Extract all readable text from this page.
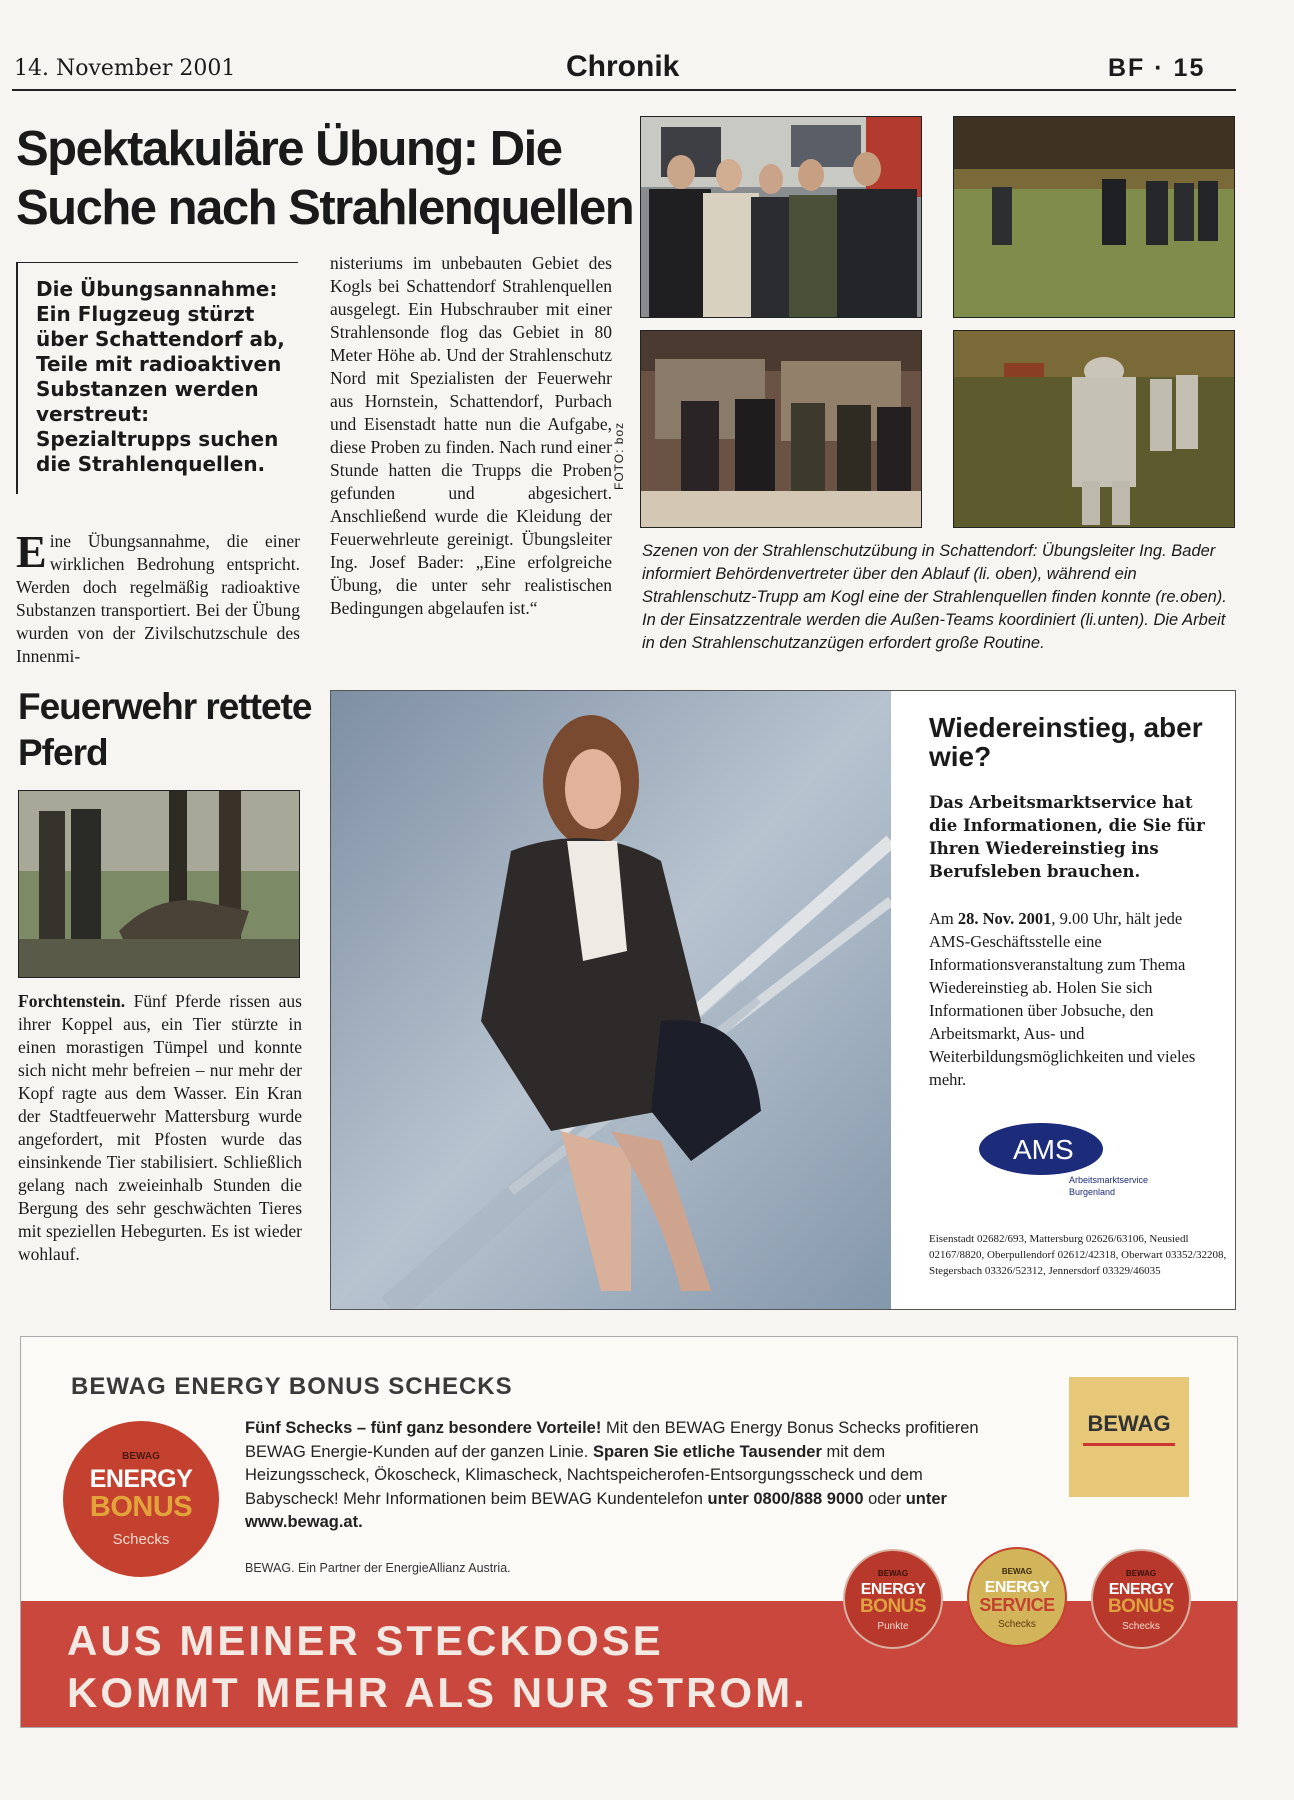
14. November 2001	Chronik	BF · 15
Spektakuläre Übung: Die Suche nach Strahlenquellen
Die Übungsannahme: Ein Flugzeug stürzt über Schattendorf ab, Teile mit radioaktiven Substanzen werden verstreut: Spezialtrupps suchen die Strahlenquellen.
Eine Übungsannahme, die einer wirklichen Bedrohung entspricht. Werden doch regelmäßig radioaktive Substanzen transportiert. Bei der Übung wurden von der Zivilschutzschule des Innenmi-
nisteriums im unbebauten Gebiet des Kogls bei Schattendorf Strahlenquellen ausgelegt. Ein Hubschrauber mit einer Strahlensonde flog das Gebiet in 80 Meter Höhe ab. Und der Strahlenschutz Nord mit Spezialisten der Feuerwehr aus Hornstein, Schattendorf, Purbach und Eisenstadt hatte nun die Aufgabe, diese Proben zu finden. Nach rund einer Stunde hatten die Trupps die Proben gefunden und abgesichert. Anschließend wurde die Kleidung der Feuerwehrleute gereinigt. Übungsleiter Ing. Josef Bader: „Eine erfolgreiche Übung, die unter sehr realistischen Bedingungen abgelaufen ist.“
FOTO: boz
Szenen von der Strahlenschutzübung in Schattendorf: Übungsleiter Ing. Bader informiert Behördenvertreter über den Ablauf (li. oben), während ein Strahlenschutz-Trupp am Kogl eine der Strahlenquellen finden konnte (re.oben). In der Einsatzzentrale werden die Außen-Teams koordiniert (li.unten). Die Arbeit in den Strahlenschutzanzügen erfordert große Routine.
Feuerwehr rettete Pferd
Forchtenstein. Fünf Pferde rissen aus ihrer Koppel aus, ein Tier stürzte in einen morastigen Tümpel und konnte sich nicht mehr befreien – nur mehr der Kopf ragte aus dem Wasser. Ein Kran der Stadtfeuerwehr Mattersburg wurde angefordert, mit Pfosten wurde das einsinkende Tier stabilisiert. Schließlich gelang nach zweieinhalb Stunden die Bergung des sehr geschwächten Tieres mit speziellen Hebegurten. Es ist wieder wohlauf.
Wiedereinstieg, aber wie?
Das Arbeitsmarktservice hat die Informationen, die Sie für Ihren Wiedereinstieg ins Berufsleben brauchen.
Am 28. Nov. 2001, 9.00 Uhr, hält jede AMS-Geschäftsstelle eine Informationsveranstaltung zum Thema Wiedereinstieg ab. Holen Sie sich Informationen über Jobsuche, den Arbeitsmarkt, Aus- und Weiterbildungsmöglichkeiten und vieles mehr.
AMS
Arbeitsmarktservice
Burgenland
Eisenstadt 02682/693, Mattersburg 02626/63106, Neusiedl 02167/8820, Oberpullendorf 02612/42318, Oberwart 03352/32208, Stegersbach 03326/52312, Jennersdorf 03329/46035
BEWAG ENERGY BONUS SCHECKS
BEWAG
ENERGY
BONUS
Schecks
Fünf Schecks – fünf ganz besondere Vorteile! Mit den BEWAG Energy Bonus Schecks profitieren BEWAG Energie-Kunden auf der ganzen Linie. Sparen Sie etliche Tausender mit dem Heizungsscheck, Ökoscheck, Klimascheck, Nachtspeicherofen-Entsorgungsscheck und dem Babyscheck! Mehr Informationen beim BEWAG Kundentelefon unter 0800/888 9000 oder unter www.bewag.at.
BEWAG. Ein Partner der EnergieAllianz Austria.
BEWAG
AUS MEINER STECKDOSE
KOMMT MEHR ALS NUR STROM.
BEWAG
ENERGY
BONUS
Punkte
BEWAG
ENERGY
SERVICE
Schecks
BEWAG
ENERGY
BONUS
Schecks
